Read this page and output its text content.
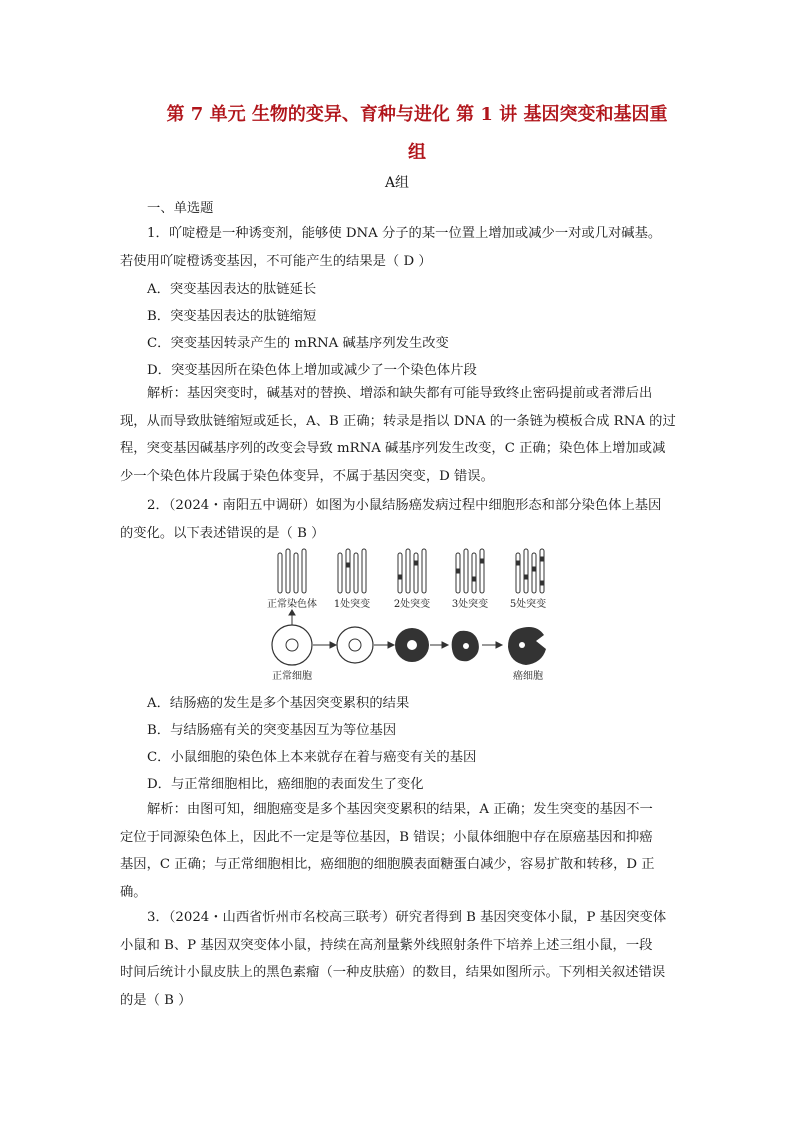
第 7 单元 生物的变异、育种与进化 第 1 讲 基因突变和基因重
组
A组
一、单选题
1．吖啶橙是一种诱变剂，能够使 DNA 分子的某一位置上增加或减少一对或几对碱基。
若使用吖啶橙诱变基因，不可能产生的结果是（ D ）
A．突变基因表达的肽链延长
B．突变基因表达的肽链缩短
C．突变基因转录产生的 mRNA 碱基序列发生改变
D．突变基因所在染色体上增加或减少了一个染色体片段
解析：基因突变时，碱基对的替换、增添和缺失都有可能导致终止密码提前或者滞后出
现，从而导致肽链缩短或延长，A、B 正确；转录是指以 DNA 的一条链为模板合成 RNA 的过
程，突变基因碱基序列的改变会导致 mRNA 碱基序列发生改变，C 正确；染色体上增加或减
少一个染色体片段属于染色体变异，不属于基因突变，D 错误。
2．（2024・南阳五中调研）如图为小鼠结肠癌发病过程中细胞形态和部分染色体上基因
的变化。以下表述错误的是（ B ）
正常染色体 1处突变 2处突变 3处突变 5处突变
正常细胞	癌细胞
A．结肠癌的发生是多个基因突变累积的结果
B．与结肠癌有关的突变基因互为等位基因
C．小鼠细胞的染色体上本来就存在着与癌变有关的基因
D．与正常细胞相比，癌细胞的表面发生了变化
解析：由图可知，细胞癌变是多个基因突变累积的结果，A 正确；发生突变的基因不一
定位于同源染色体上，因此不一定是等位基因，B 错误；小鼠体细胞中存在原癌基因和抑癌
基因，C 正确；与正常细胞相比，癌细胞的细胞膜表面糖蛋白减少，容易扩散和转移，D 正
确。
3．（2024・山西省忻州市名校高三联考）研究者得到 B 基因突变体小鼠，P 基因突变体
小鼠和 B、P 基因双突变体小鼠，持续在高剂量紫外线照射条件下培养上述三组小鼠，一段
时间后统计小鼠皮肤上的黑色素瘤（一种皮肤癌）的数目，结果如图所示。下列相关叙述错误
的是（ B ）
